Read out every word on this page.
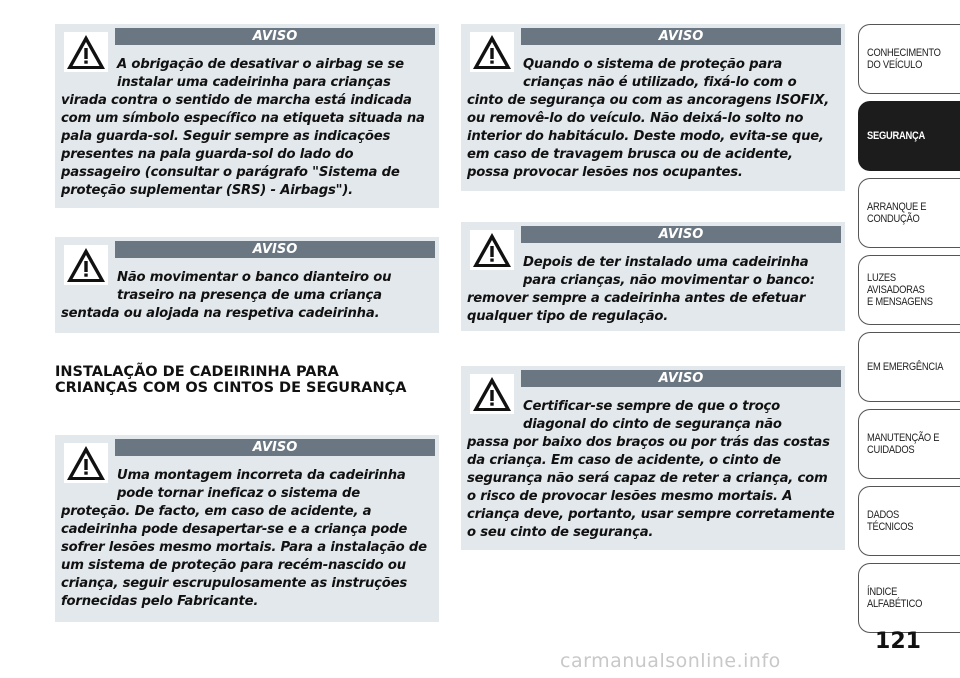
AVISO
A obrigação de desativar o airbag se se instalar uma cadeirinha para crianças
virada contra o sentido de marcha está indicada com um símbolo específico na etiqueta situada na pala guarda-sol. Seguir sempre as indicações presentes na pala guarda-sol do lado do passageiro (consultar o parágrafo "Sistema de proteção suplementar (SRS) - Airbags").
AVISO
Não movimentar o banco dianteiro ou traseiro na presença de uma criança
sentada ou alojada na respetiva cadeirinha.
INSTALAÇÃO DE CADEIRINHA PARA CRIANÇAS COM OS CINTOS DE SEGURANÇA
AVISO
Uma montagem incorreta da cadeirinha pode tornar ineficaz o sistema de
proteção. De facto, em caso de acidente, a cadeirinha pode desapertar-se e a criança pode sofrer lesões mesmo mortais. Para a instalação de um sistema de proteção para recém-nascido ou criança, seguir escrupulosamente as instruções fornecidas pelo Fabricante.
AVISO
Quando o sistema de proteção para crianças não é utilizado, fixá-lo com o
cinto de segurança ou com as ancoragens ISOFIX, ou removê-lo do veículo. Não deixá-lo solto no interior do habitáculo. Deste modo, evita-se que, em caso de travagem brusca ou de acidente, possa provocar lesões nos ocupantes.
AVISO
Depois de ter instalado uma cadeirinha para crianças, não movimentar o banco:
remover sempre a cadeirinha antes de efetuar qualquer tipo de regulação.
AVISO
Certificar-se sempre de que o troço diagonal do cinto de segurança não
passa por baixo dos braços ou por trás das costas da criança. Em caso de acidente, o cinto de segurança não será capaz de reter a criança, com o risco de provocar lesões mesmo mortais. A criança deve, portanto, usar sempre corretamente o seu cinto de segurança.
CONHECIMENTO
DO VEÍCULO
SEGURANÇA
ARRANQUE E
CONDUÇÃO
LUZES AVISADORAS
E MENSAGENS
EM EMERGÊNCIA
MANUTENÇÃO E
CUIDADOS
DADOS TÉCNICOS
ÍNDICE ALFABÉTICO
121
carmanualsonline.info
